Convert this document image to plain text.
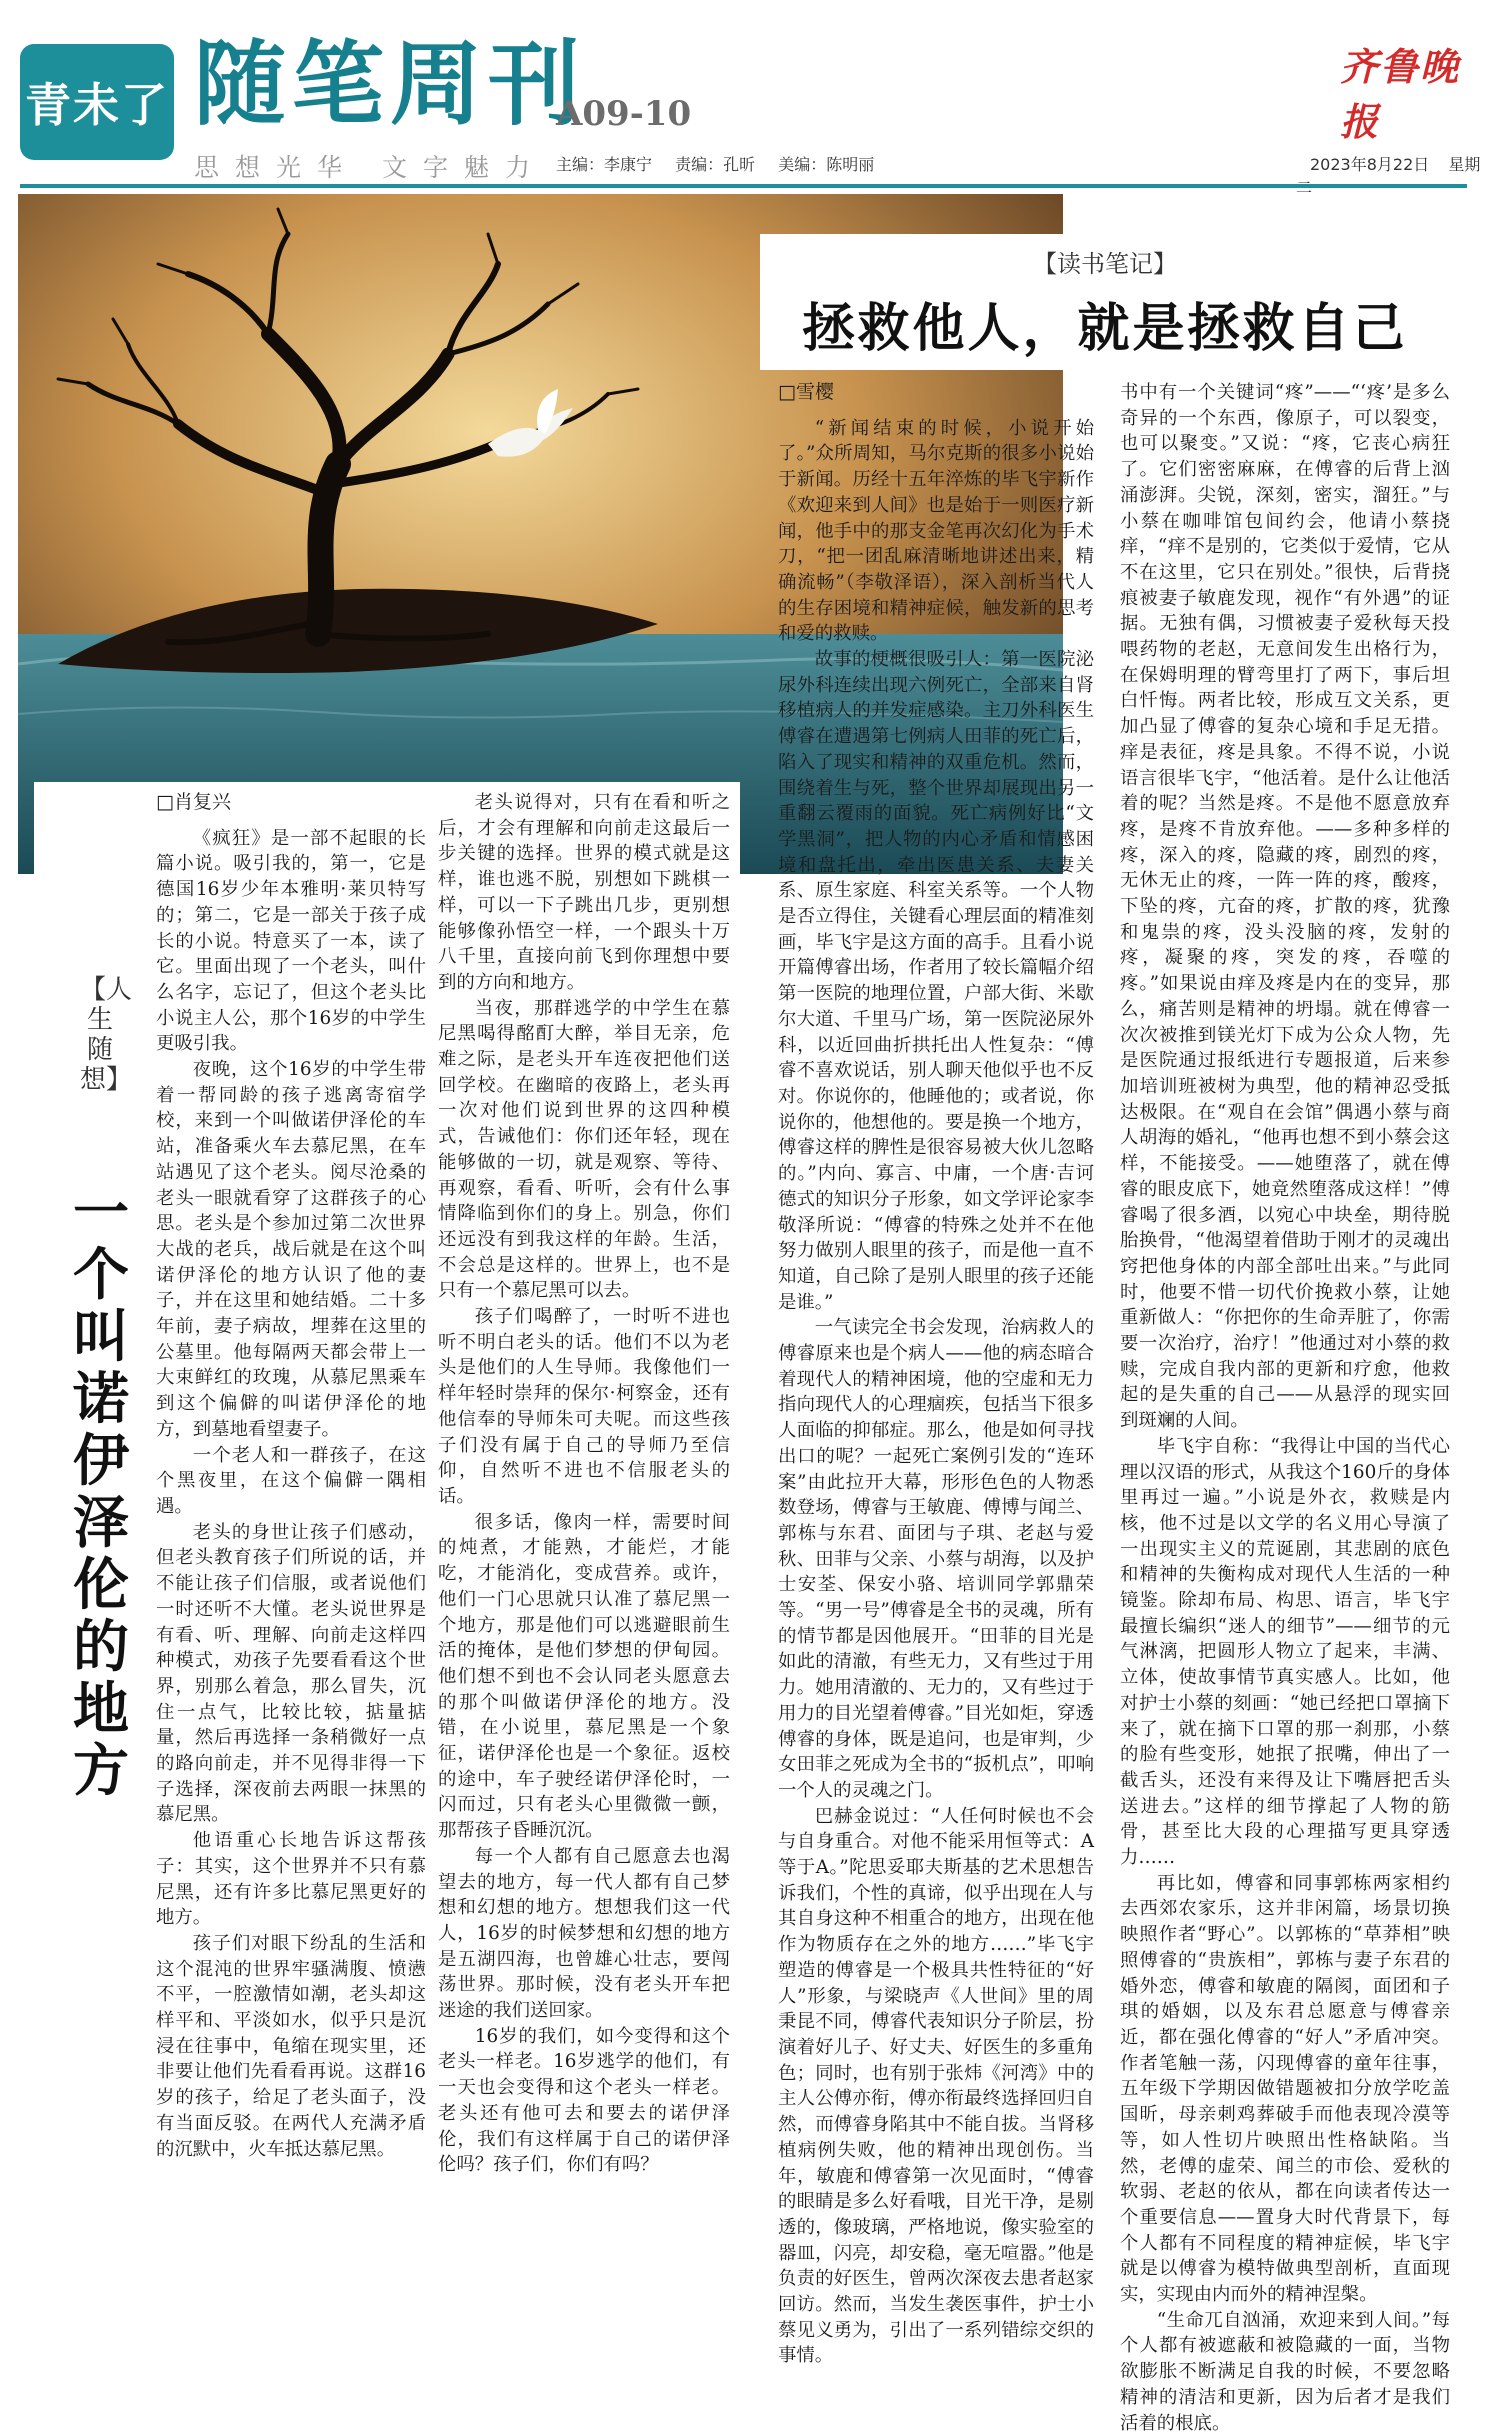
青未了 随笔周刊
A09-10
思想光华 文字魅力 主编：李康宁 责编：孔昕 美编：陈明丽
齐鲁晚报
2023年8月22日 星期
【读书笔记】
拯救他人，就是拯救自己
□雪樱

“新闻结束的时候，小说开始了。”众所周知，马尔克斯的很多小说始于新闻。历经十五年淬炼的毕飞宇新作《欢迎来到人间》也是始于一则医疗新闻，他手中的那支金笔再次幻化为手术刀，“把一团乱麻清晰地讲述出来，精确流畅”（李敬泽语），深入剖析当代人的生存困境和精神症候，触发新的思考和爱的救赎。

故事的梗概很吸引人：第一医院泌尿外科连续出现六例死亡，全部来自肾移植病人的并发症感染。主刀外科医生傅睿在遭遇第七例病人田菲的死亡后，陷入了现实和精神的双重危机。然而，围绕着生与死，整个世界却展现出另一重翻云覆雨的面貌。死亡病例好比“文学黑洞”，把人物的内心矛盾和情感困境和盘托出，牵出医患关系、夫妻关系、原生家庭、科室关系等。一个人物是否立得住，关键看心理层面的精准刻画，毕飞宇是这方面的高手。且看小说开篇傅睿出场，作者用了较长篇幅介绍第一医院的地理位置，户部大街、米歇尔大道、千里马广场，第一医院泌尿外科，以近回曲折拱托出人性复杂：“傅睿不喜欢说话，别人聊天他似乎也不反对。你说你的，他睡他的；或者说，你说你的，他想他的。要是换一个地方，傅睿这样的脾性是很容易被大伙儿忽略的。”内向、寡言、中庸，一个唐·吉诃德式的知识分子形象，如文学评论家李敬泽所说：“傅睿的特殊之处并不在他努力做别人眼里的孩子，而是他一直不知道，自己除了是别人眼里的孩子还能是谁。”

一气读完全书会发现，治病救人的傅睿原来也是个病人——他的病态暗合着现代人的精神困境，他的空虚和无力指向现代人的心理痼疾，包括当下很多人面临的抑郁症。那么，他是如何寻找出口的呢？一起死亡案例引发的“连环案”由此拉开大幕，形形色色的人物悉数登场，傅睿与王敏鹿、傅博与闻兰、郭栋与东君、面团与子琪、老赵与爱秋、田菲与父亲、小蔡与胡海，以及护士安荃、保安小骆、培训同学郭鼎荣等。“男一号”傅睿是全书的灵魂，所有的情节都是因他展开。“田菲的目光是如此的清澈，有些无力，又有些过于用力。她用清澈的、无力的，又有些过于用力的目光望着傅睿。”目光如炬，穿透傅睿的身体，既是追问，也是审判，少女田菲之死成为全书的“扳机点”，叩响一个人的灵魂之门。

巴赫金说过：“人任何时候也不会与自身重合。对他不能采用恒等式：A等于A。”陀思妥耶夫斯基的艺术思想告诉我们，个性的真谛，似乎出现在人与其自身这种不相重合的地方，出现在他作为物质存在之外的地方……”毕飞宇塑造的傅睿是一个极具共性特征的“好人”形象，与梁晓声《人世间》里的周秉昆不同，傅睿代表知识分子阶层，扮演着好儿子、好丈夫、好医生的多重角色；同时，也有别于张炜《河湾》中的主人公傅亦衔，傅亦衔最终选择回归自然，而傅睿身陷其中不能自拔。当肾移植病例失败，他的精神出现创伤。当年，敏鹿和傅睿第一次见面时，“傅睿的眼睛是多么好看哦，目光干净，是剔透的，像玻璃，严格地说，像实验室的器皿，闪亮，却安稳，毫无喧嚣。”他是负责的好医生，曾两次深夜去患者赵家回访。然而，当发生袭医事件，护士小蔡见义勇为，引出了一系列错综交织的事情。

书中有一个关键词“疼”——“‘疼’是多么奇异的一个东西，像原子，可以裂变，也可以聚变。”又说：“疼，它丧心病狂了。它们密密麻麻，在傅睿的后背上汹涌澎湃。尖锐，深刻，密实，溜狂。”与小蔡在咖啡馆包间约会，他请小蔡挠痒，“痒不是别的，它类似于爱情，它从不在这里，它只在别处。”很快，后背挠痕被妻子敏鹿发现，视作“有外遇”的证据。无独有偶，习惯被妻子爱秋每天投喂药物的老赵，无意间发生出格行为，在保姆明理的臂弯里打了两下，事后坦白忏悔。两者比较，形成互文关系，更加凸显了傅睿的复杂心境和手足无措。痒是表征，疼是具象。不得不说，小说语言很毕飞宇，“他活着。是什么让他活着的呢？当然是疼。不是他不愿意放弃疼，是疼不肯放弃他。——多种多样的疼，深入的疼，隐藏的疼，剧烈的疼，无休无止的疼，一阵一阵的疼，酸疼，下坠的疼，亢奋的疼，扩散的疼，犹豫和鬼祟的疼，没头没脑的疼，发射的疼，凝聚的疼，突发的疼，吞噬的疼。”如果说由痒及疼是内在的变异，那么，痛苦则是精神的坍塌。就在傅睿一次次被推到镁光灯下成为公众人物，先是医院通过报纸进行专题报道，后来参加培训班被树为典型，他的精神忍受抵达极限。在“观自在会馆”偶遇小蔡与商人胡海的婚礼，“他再也想不到小蔡会这样，不能接受。——她堕落了，就在傅睿的眼皮底下，她竟然堕落成这样！”傅睿喝了很多酒，以宛心中块垒，期待脱胎换骨，“他渴望着借助于刚才的灵魂出窍把他身体的内部全部吐出来。”与此同时，他要不惜一切代价挽救小蔡，让她重新做人：“你把你的生命弄脏了，你需要一次治疗，治疗！”他通过对小蔡的救赎，完成自我内部的更新和疗愈，他救起的是失重的自己——从悬浮的现实回到斑斓的人间。

毕飞宇自称：“我得让中国的当代心理以汉语的形式，从我这个160斤的身体里再过一遍。”小说是外衣，救赎是内核，他不过是以文学的名义用心导演了一出现实主义的荒诞剧，其悲剧的底色和精神的失衡构成对现代人生活的一种镜鉴。除却布局、构思、语言，毕飞宇最擅长编织“迷人的细节”——细节的元气淋漓，把圆形人物立了起来，丰满、立体，使故事情节真实感人。比如，他对护士小蔡的刻画：“她已经把口罩摘下来了，就在摘下口罩的那一刹那，小蔡的脸有些变形，她抿了抿嘴，伸出了一截舌头，还没有来得及让下嘴唇把舌头送进去。”这样的细节撑起了人物的筋骨，甚至比大段的心理描写更具穿透力……

再比如，傅睿和同事郭栋两家相约去西郊农家乐，这并非闲篇，场景切换映照作者“野心”。以郭栋的“草莽相”映照傅睿的“贵族相”，郭栋与妻子东君的婚外恋，傅睿和敏鹿的隔阂，面团和子琪的婚姻，以及东君总愿意与傅睿亲近，都在强化傅睿的“好人”矛盾冲突。作者笔触一荡，闪现傅睿的童年往事，五年级下学期因做错题被扣分放学吃盖国昕，母亲刺鸡葬破手而他表现冷漠等等，如人性切片映照出性格缺陷。当然，老傅的虚荣、闻兰的市侩、爱秋的软弱、老赵的依从，都在向读者传达一个重要信息——置身大时代背景下，每个人都有不同程度的精神症候，毕飞宇就是以傅睿为模特做典型剖析，直面现实，实现由内而外的精神涅槃。

“生命兀自汹涌，欢迎来到人间。”每个人都有被遮蔽和被隐藏的一面，当物欲膨胀不断满足自我的时候，不要忽略精神的清洁和更新，因为后者才是我们活着的根底。

【人生随想】
一个叫诺伊泽伦的地方
□肖复兴

《疯狂》是一部不起眼的长篇小说。吸引我的，第一，它是德国16岁少年本雅明·莱贝特写的；第二，它是一部关于孩子成长的小说。特意买了一本，读了它。里面出现了一个老头，叫什么名字，忘记了，但这个老头比小说主人公，那个16岁的中学生更吸引我。

夜晚，这个16岁的中学生带着一帮同龄的孩子逃离寄宿学校，来到一个叫做诺伊泽伦的车站，准备乘火车去慕尼黑，在车站遇见了这个老头。阅尽沧桑的老头一眼就看穿了这群孩子的心思。老头是个参加过第二次世界大战的老兵，战后就是在这个叫诺伊泽伦的地方认识了他的妻子，并在这里和她结婚。二十多年前，妻子病故，埋葬在这里的公墓里。他每隔两天都会带上一大束鲜红的玫瑰，从慕尼黑乘车到这个偏僻的叫诺伊泽伦的地方，到墓地看望妻子。

一个老人和一群孩子，在这个黑夜里，在这个偏僻一隅相遇。

老头的身世让孩子们感动，但老头教育孩子们所说的话，并不能让孩子们信服，或者说他们一时还听不大懂。老头说世界是有看、听、理解、向前走这样四种模式，劝孩子先要看看这个世界，别那么着急，那么冒失，沉住一点气，比较比较，掂量掂量，然后再选择一条稍微好一点的路向前走，并不见得非得一下子选择，深夜前去两眼一抹黑的慕尼黑。

他语重心长地告诉这帮孩子：其实，这个世界并不只有慕尼黑，还有许多比慕尼黑更好的地方。

孩子们对眼下纷乱的生活和这个混沌的世界牢骚满腹、愤懑不平，一腔激情如潮，老头却这样平和、平淡如水，似乎只是沉浸在往事中，龟缩在现实里，还非要让他们先看看再说。这群16岁的孩子，给足了老头面子，没有当面反驳。在两代人充满矛盾的沉默中，火车抵达慕尼黑。

老头说得对，只有在看和听之后，才会有理解和向前走这最后一步关键的选择。世界的模式就是这样，谁也逃不脱，别想如下跳棋一样，可以一下子跳出几步，更别想能够像孙悟空一样，一个跟头十万八千里，直接向前飞到你理想中要到的方向和地方。

当夜，那群逃学的中学生在慕尼黑喝得酩酊大醉，举目无亲，危难之际，是老头开车连夜把他们送回学校。在幽暗的夜路上，老头再一次对他们说到世界的这四种模式，告诫他们：你们还年轻，现在能够做的一切，就是观察、等待、再观察，看看、听听，会有什么事情降临到你们的身上。别急，你们还远没有到我这样的年龄。生活，不会总是这样的。世界上，也不是只有一个慕尼黑可以去。

孩子们喝醉了，一时听不进也听不明白老头的话。他们不以为老头是他们的人生导师。我像他们一样年轻时崇拜的保尔·柯察金，还有他信奉的导师朱可夫呢。而这些孩子们没有属于自己的导师乃至信仰，自然听不进也不信服老头的话。

很多话，像肉一样，需要时间的炖煮，才能熟，才能烂，才能吃，才能消化，变成营养。或许，他们一门心思就只认准了慕尼黑一个地方，那是他们可以逃避眼前生活的掩体，是他们梦想的伊甸园。他们想不到也不会认同老头愿意去的那个叫做诺伊泽伦的地方。没错，在小说里，慕尼黑是一个象征，诺伊泽伦也是一个象征。返校的途中，车子驶经诺伊泽伦时，一闪而过，只有老头心里微微一颤，那帮孩子昏睡沉沉。

每一个人都有自己愿意去也渴望去的地方，每一代人都有自己梦想和幻想的地方。想想我们这一代人，16岁的时候梦想和幻想的地方是五湖四海，也曾雄心壮志，要闯荡世界。那时候，没有老头开车把迷途的我们送回家。

16岁的我们，如今变得和这个老头一样老。16岁逃学的他们，有一天也会变得和这个老头一样老。老头还有他可去和要去的诺伊泽伦，我们有这样属于自己的诺伊泽伦吗？孩子们，你们有吗？
